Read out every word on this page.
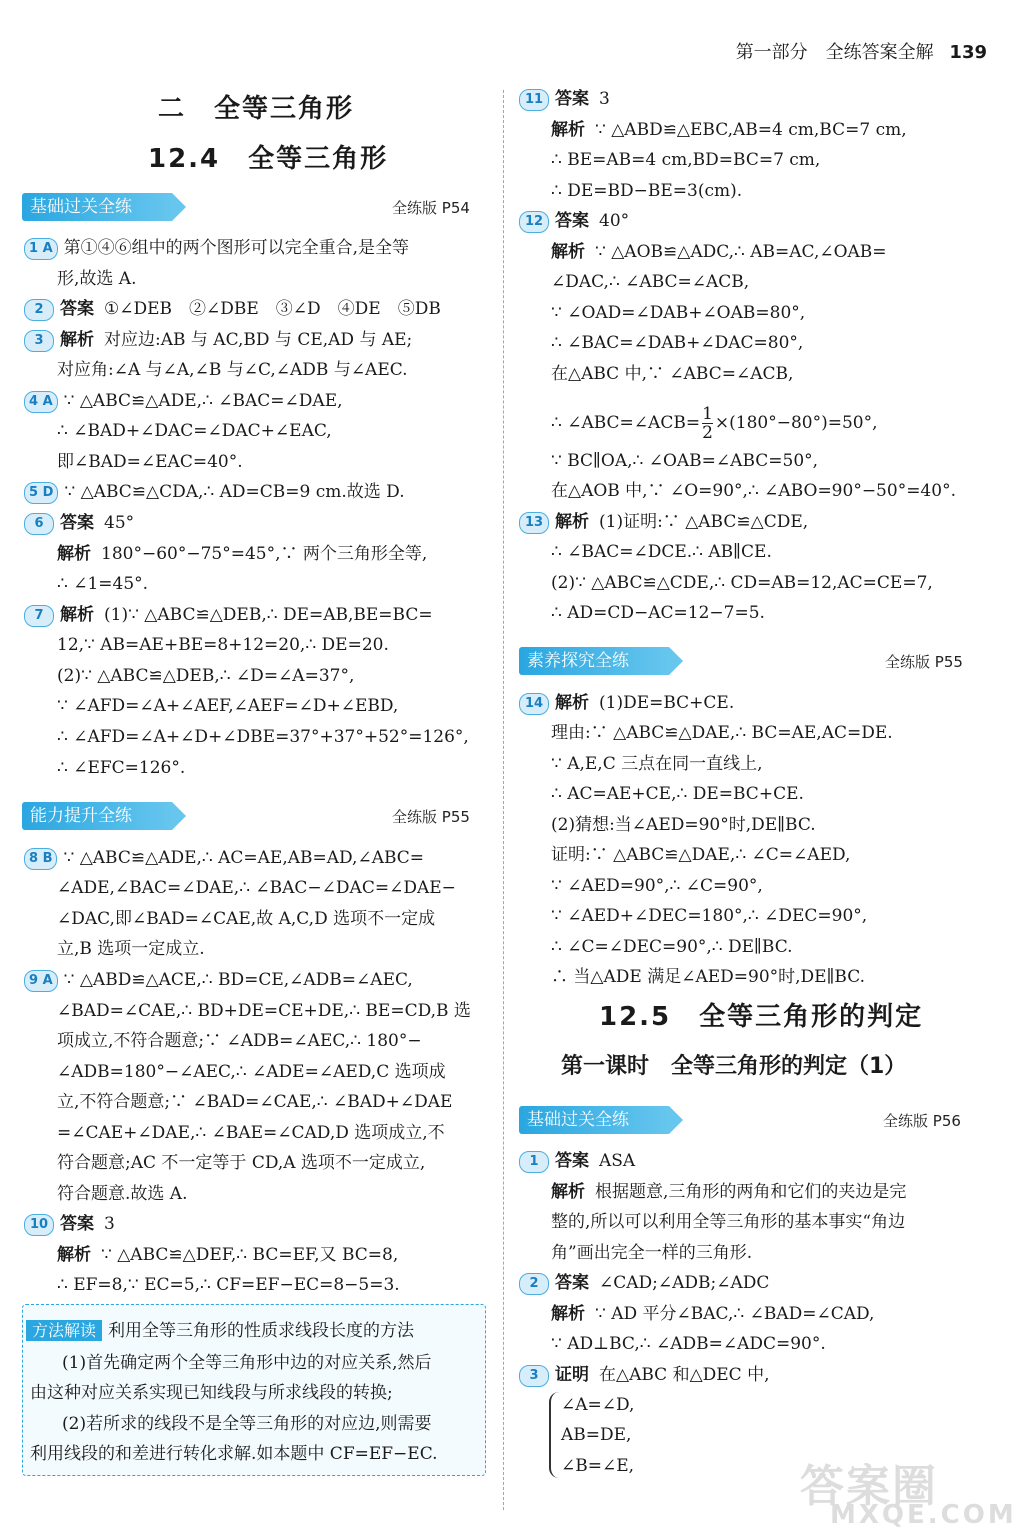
第一部分　全练答案全解 139
二　全等三角形
12.4　全等三角形
基础过关全练	全练版 P54
1 A 第①④⑥组中的两个图形可以完全重合,是全等
形,故选 A.
2 答案 ①∠DEB　②∠DBE　③∠D　④DE　⑤DB
3 解析 对应边:AB 与 AC,BD 与 CE,AD 与 AE;
对应角:∠A 与∠A,∠B 与∠C,∠ADB 与∠AEC.
4 A ∵ △ABC≌△ADE,∴ ∠BAC=∠DAE,
∴ ∠BAD+∠DAC=∠DAC+∠EAC,
即∠BAD=∠EAC=40°.
5 D ∵ △ABC≌△CDA,∴ AD=CB=9 cm.故选 D.
6 答案 45°
解析 180°−60°−75°=45°,∵ 两个三角形全等,
∴ ∠1=45°.
7 解析 (1)∵ △ABC≌△DEB,∴ DE=AB,BE=BC=
12,∵ AB=AE+BE=8+12=20,∴ DE=20.
(2)∵ △ABC≌△DEB,∴ ∠D=∠A=37°,
∵ ∠AFD=∠A+∠AEF,∠AEF=∠D+∠EBD,
∴ ∠AFD=∠A+∠D+∠DBE=37°+37°+52°=126°,
∴ ∠EFC=126°.
能力提升全练	全练版 P55
8 B ∵ △ABC≌△ADE,∴ AC=AE,AB=AD,∠ABC=
∠ADE,∠BAC=∠DAE,∴ ∠BAC−∠DAC=∠DAE−
∠DAC,即∠BAD=∠CAE,故 A,C,D 选项不一定成
立,B 选项一定成立.
9 A ∵ △ABD≌△ACE,∴ BD=CE,∠ADB=∠AEC,
∠BAD=∠CAE,∴ BD+DE=CE+DE,∴ BE=CD,B 选
项成立,不符合题意;∵ ∠ADB=∠AEC,∴ 180°−
∠ADB=180°−∠AEC,∴ ∠ADE=∠AED,C 选项成
立,不符合题意;∵ ∠BAD=∠CAE,∴ ∠BAD+∠DAE
=∠CAE+∠DAE,∴ ∠BAE=∠CAD,D 选项成立,不
符合题意;AC 不一定等于 CD,A 选项不一定成立,
符合题意.故选 A.
10 答案 3
解析 ∵ △ABC≌△DEF,∴ BC=EF,又 BC=8,
∴ EF=8,∵ EC=5,∴ CF=EF−EC=8−5=3.
方法解读 利用全等三角形的性质求线段长度的方法
(1)首先确定两个全等三角形中边的对应关系,然后
由这种对应关系实现已知线段与所求线段的转换;
(2)若所求的线段不是全等三角形的对应边,则需要
利用线段的和差进行转化求解.如本题中 CF=EF−EC.
11 答案 3
解析 ∵ △ABD≌△EBC,AB=4 cm,BC=7 cm,
∴ BE=AB=4 cm,BD=BC=7 cm,
∴ DE=BD−BE=3(cm).
12 答案 40°
解析 ∵ △AOB≌△ADC,∴ AB=AC,∠OAB=
∠DAC,∴ ∠ABC=∠ACB,
∵ ∠OAD=∠DAB+∠OAB=80°,
∴ ∠BAC=∠DAB+∠DAC=80°,
在△ABC 中,∵ ∠ABC=∠ACB,
∴ ∠ABC=∠ACB= $\frac{1}{2} \times(180^\circ-80^\circ)=50^\circ$,
∵ BC∥OA,∴ ∠OAB=∠ABC=50°,
在△AOB 中,∵ ∠O=90°,∴ ∠ABO=90°−50°=40°.
13 解析 (1)证明:∵ △ABC≌△CDE,
∴ ∠BAC=∠DCE.∴ AB∥CE.
(2)∵ △ABC≌△CDE,∴ CD=AB=12,AC=CE=7,
∴ AD=CD−AC=12−7=5.
素养探究全练	全练版 P55
14 解析 (1)DE=BC+CE.
理由:∵ △ABC≌△DAE,∴ BC=AE,AC=DE.
∵ A,E,C 三点在同一直线上,
∴ AC=AE+CE,∴ DE=BC+CE.
(2)猜想:当∠AED=90°时,DE∥BC.
证明:∵ △ABC≌△DAE,∴ ∠C=∠AED,
∵ ∠AED=90°,∴ ∠C=90°,
∵ ∠AED+∠DEC=180°,∴ ∠DEC=90°,
∴ ∠C=∠DEC=90°,∴ DE∥BC.
∴ 当△ADE 满足∠AED=90°时,DE∥BC.
12.5　全等三角形的判定
第一课时　全等三角形的判定（1）
基础过关全练	全练版 P56
1 答案 ASA
解析 根据题意,三角形的两角和它们的夹边是完
整的,所以可以利用全等三角形的基本事实“角边
角”画出完全一样的三角形.
2 答案 ∠CAD;∠ADB;∠ADC
解析 ∵ AD 平分∠BAC,∴ ∠BAD=∠CAD,
∵ AD⊥BC,∴ ∠ADB=∠ADC=90°.
3 证明 在△ABC 和△DEC 中,
∠A=∠D,
AB=DE,
∠B=∠E,	答案圈
MXQE.COM
